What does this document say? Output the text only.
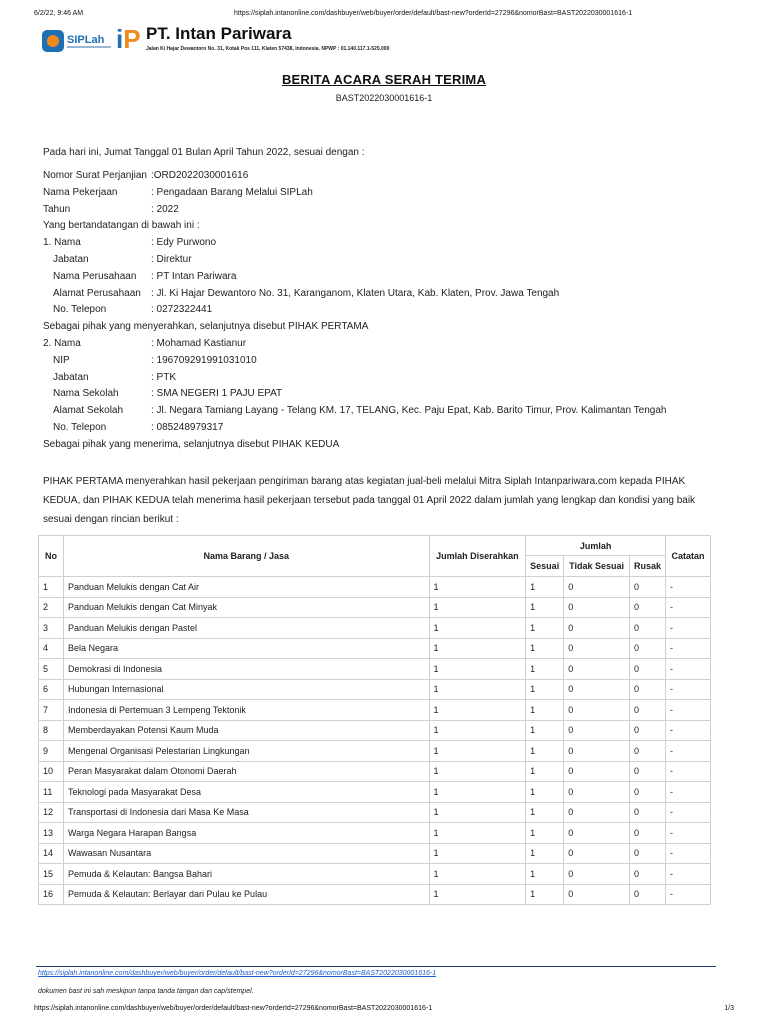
6/2/22, 9:46 AM	https://siplah.intanonline.com/dashbuyer/web/buyer/order/default/bast-new?orderId=27296&nomorBast=BAST2022030001616-1
SIPLah iP PT. Intan Pariwara
Jalan Ki Hajar Dewantoro No. 31, Kotak Pos 111, Klaten 57438, Indonesia. NPWP : 01.140.117.1-525.000
BERITA ACARA SERAH TERIMA
BAST2022030001616-1
Pada hari ini, Jumat Tanggal 01 Bulan April Tahun 2022, sesuai dengan :
Nomor Surat Perjanjian :ORD2022030001616
Nama Pekerjaan	: Pengadaan Barang Melalui SIPLah
Tahun	: 2022
Yang bertandatangan di bawah ini :
1. Nama	: Edy Purwono
Jabatan	: Direktur
Nama Perusahaan : PT Intan Pariwara
Alamat Perusahaan : Jl. Ki Hajar Dewantoro No. 31, Karanganom, Klaten Utara, Kab. Klaten, Prov. Jawa Tengah
No. Telepon	: 0272322441
Sebagai pihak yang menyerahkan, selanjutnya disebut PIHAK PERTAMA
2. Nama	: Mohamad Kastianur
NIP	: 196709291991031010
Jabatan	: PTK
Nama Sekolah	: SMA NEGERI 1 PAJU EPAT
Alamat Sekolah	: Jl. Negara Tamiang Layang - Telang KM. 17, TELANG, Kec. Paju Epat, Kab. Barito Timur, Prov. Kalimantan Tengah
No. Telepon	: 085248979317
Sebagai pihak yang menerima, selanjutnya disebut PIHAK KEDUA
PIHAK PERTAMA menyerahkan hasil pekerjaan pengiriman barang atas kegiatan jual-beli melalui Mitra Siplah Intanpariwara.com kepada PIHAK KEDUA, dan PIHAK KEDUA telah menerima hasil pekerjaan tersebut pada tanggal 01 April 2022 dalam jumlah yang lengkap dan kondisi yang baik sesuai dengan rincian berikut :
No	Nama Barang / Jasa	Jumlah Diserahkan	Jumlah			Catatan
			Sesuai	Tidak Sesuai	Rusak	
1	Panduan Melukis dengan Cat Air	1	1	0	0	-
2	Panduan Melukis dengan Cat Minyak	1	1	0	0	-
3	Panduan Melukis dengan Pastel	1	1	0	0	-
4	Bela Negara	1	1	0	0	-
5	Demokrasi di Indonesia	1	1	0	0	-
6	Hubungan Internasional	1	1	0	0	-
7	Indonesia di Pertemuan 3 Lempeng Tektonik	1	1	0	0	-
8	Memberdayakan Potensi Kaum Muda	1	1	0	0	-
9	Mengenal Organisasi Pelestarian Lingkungan	1	1	0	0	-
10	Peran Masyarakat dalam Otonomi Daerah	1	1	0	0	-
11	Teknologi pada Masyarakat Desa	1	1	0	0	-
12	Transportasi di Indonesia dari Masa Ke Masa	1	1	0	0	-
13	Warga Negara Harapan Bangsa	1	1	0	0	-
14	Wawasan Nusantara	1	1	0	0	-
15	Pemuda & Kelautan: Bangsa Bahari	1	1	0	0	-
16	Pemuda & Kelautan: Berlayar dari Pulau ke Pulau	1	1	0	0	-
https://siplah.intanonline.com/dashbuyer/web/buyer/order/default/bast-new?orderId=27296&nomorBast=BAST2022030001616-1
dokumen bast ini sah meskipun tanpa tanda tangan dan cap/stempel.
https://siplah.intanonline.com/dashbuyer/web/buyer/order/default/bast-new?orderId=27296&nomorBast=BAST2022030001616-1	1/3
